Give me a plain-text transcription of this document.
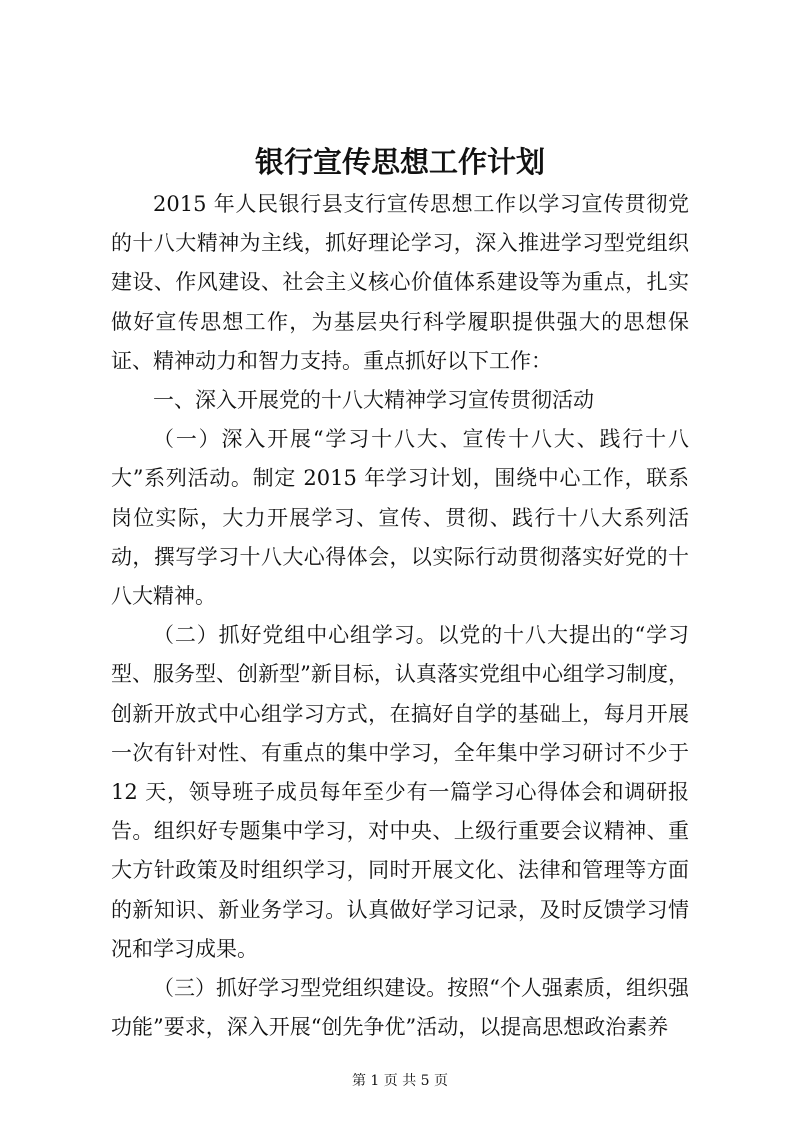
银行宣传思想工作计划

2015 年人民银行县支行宣传思想工作以学习宣传贯彻党的十八大精神为主线，抓好理论学习，深入推进学习型党组织建设、作风建设、社会主义核心价值体系建设等为重点，扎实做好宣传思想工作，为基层央行科学履职提供强大的思想保证、精神动力和智力支持。重点抓好以下工作：

一、深入开展党的十八大精神学习宣传贯彻活动

（一）深入开展“学习十八大、宣传十八大、践行十八大”系列活动。制定 2015 年学习计划，围绕中心工作，联系岗位实际，大力开展学习、宣传、贯彻、践行十八大系列活动，撰写学习十八大心得体会，以实际行动贯彻落实好党的十八大精神。

（二）抓好党组中心组学习。以党的十八大提出的“学习型、服务型、创新型”新目标，认真落实党组中心组学习制度，创新开放式中心组学习方式，在搞好自学的基础上，每月开展一次有针对性、有重点的集中学习，全年集中学习研讨不少于 12 天，领导班子成员每年至少有一篇学习心得体会和调研报告。组织好专题集中学习，对中央、上级行重要会议精神、重大方针政策及时组织学习，同时开展文化、法律和管理等方面的新知识、新业务学习。认真做好学习记录，及时反馈学习情况和学习成果。

（三）抓好学习型党组织建设。按照“个人强素质，组织强功能”要求，深入开展“创先争优”活动，以提高思想政治素养

第 1 页 共 5 页
